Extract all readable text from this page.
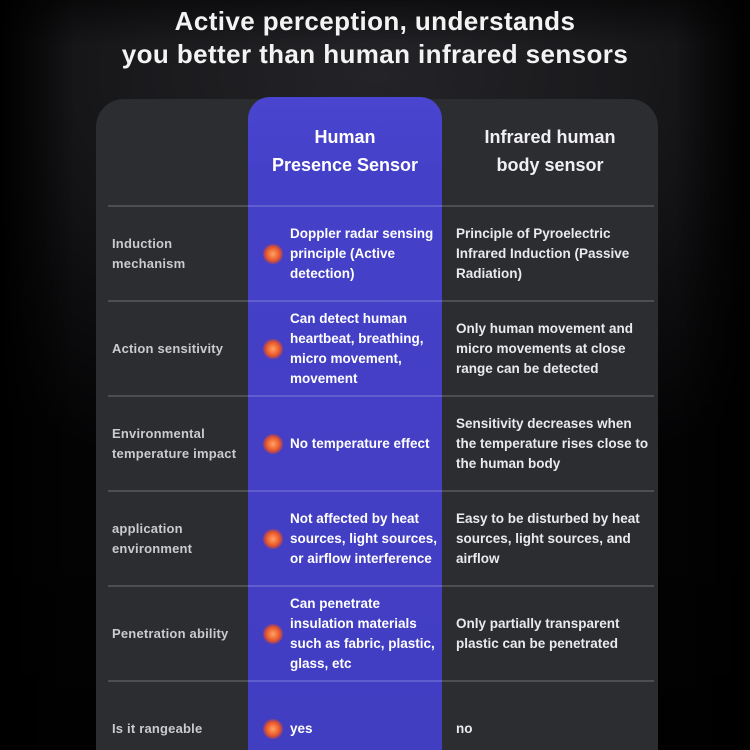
Active perception, understands
you better than human infrared sensors
Human
Presence Sensor
Infrared human
body sensor
Induction mechanism
Doppler radar sensing principle (Active detection)
Principle of Pyroelectric Infrared Induction (Passive Radiation)
Action sensitivity
Can detect human heartbeat, breathing, micro movement, movement
Only human movement and micro movements at close range can be detected
Environmental temperature impact
No temperature effect
Sensitivity decreases when the temperature rises close to the human body
application environment
Not affected by heat sources, light sources, or airflow interference
Easy to be disturbed by heat sources, light sources, and airflow
Penetration ability
Can penetrate insulation materials such as fabric, plastic, glass, etc
Only partially transparent plastic can be penetrated
Is it rangeable	yes	no
